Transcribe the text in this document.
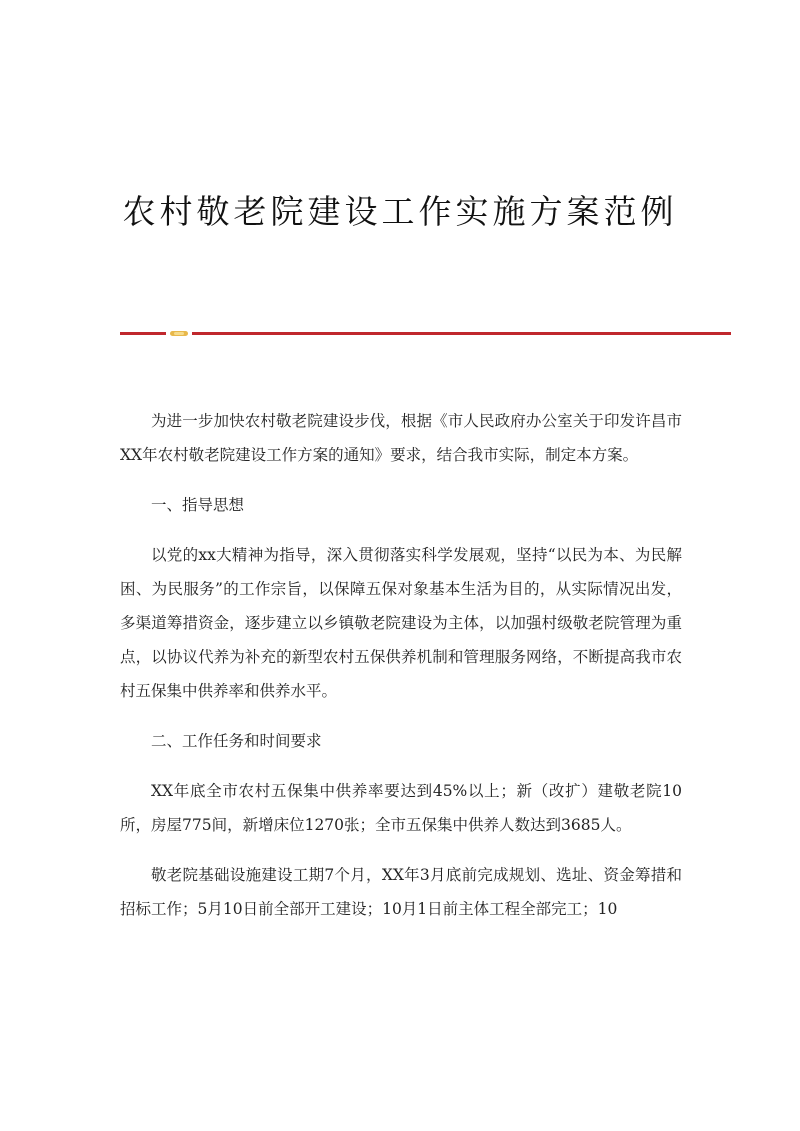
农村敬老院建设工作实施方案范例

为进一步加快农村敬老院建设步伐，根据《市人民政府办公室关于印发许昌市XX年农村敬老院建设工作方案的通知》要求，结合我市实际，制定本方案。

一、指导思想

以党的xx大精神为指导，深入贯彻落实科学发展观，坚持“以民为本、为民解困、为民服务”的工作宗旨，以保障五保对象基本生活为目的，从实际情况出发，多渠道筹措资金，逐步建立以乡镇敬老院建设为主体，以加强村级敬老院管理为重点，以协议代养为补充的新型农村五保供养机制和管理服务网络，不断提高我市农村五保集中供养率和供养水平。

二、工作任务和时间要求

XX年底全市农村五保集中供养率要达到45%以上；新（改扩）建敬老院10所，房屋775间，新增床位1270张；全市五保集中供养人数达到3685人。

敬老院基础设施建设工期7个月，XX年3月底前完成规划、选址、资金筹措和招标工作；5月10日前全部开工建设；10月1日前主体工程全部完工；10
